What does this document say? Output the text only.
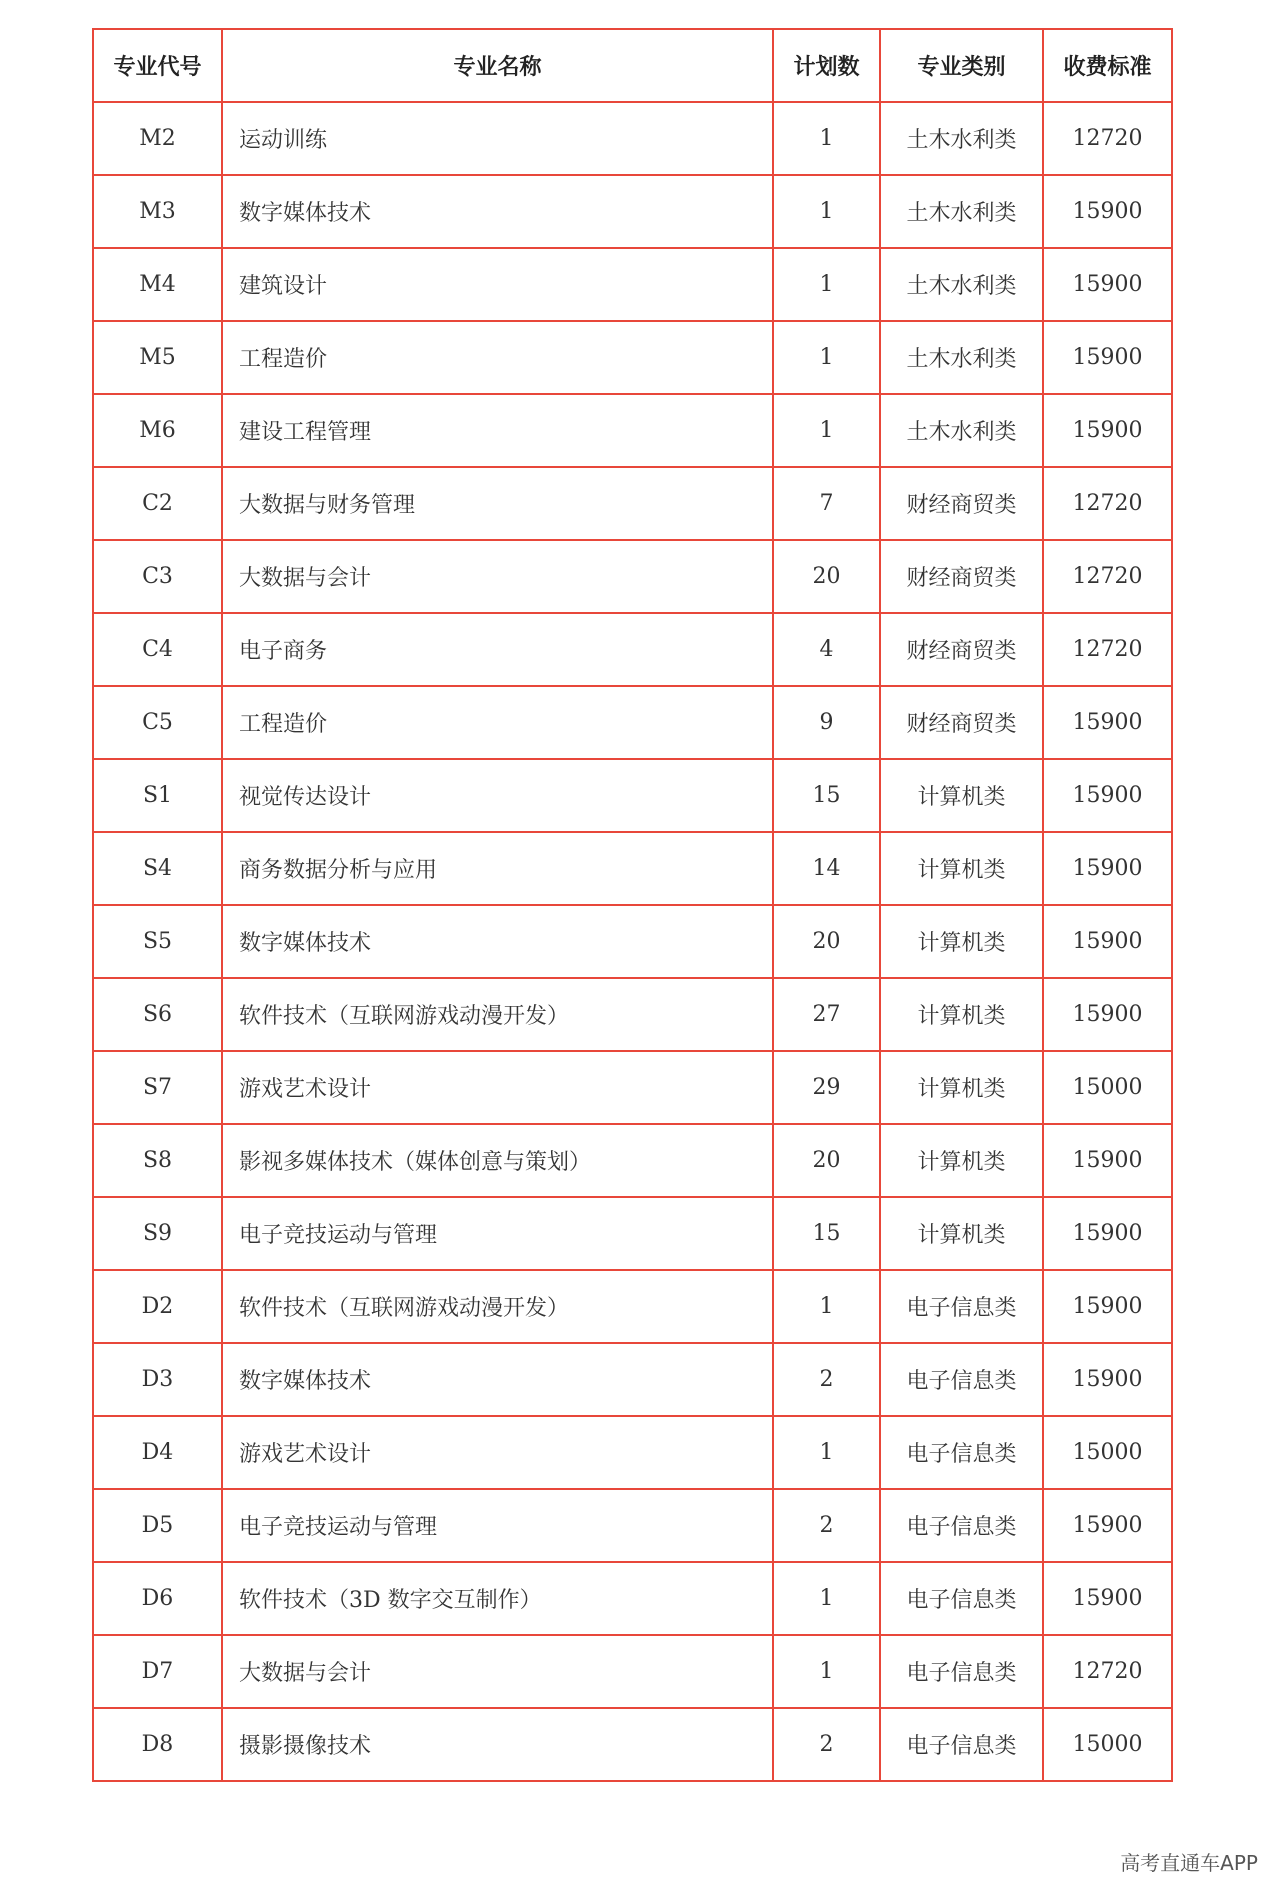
专业代号	专业名称	计划数	专业类别	收费标准
M2	运动训练	1	土木水利类	12720
M3	数字媒体技术	1	土木水利类	15900
M4	建筑设计	1	土木水利类	15900
M5	工程造价	1	土木水利类	15900
M6	建设工程管理	1	土木水利类	15900
C2	大数据与财务管理	7	财经商贸类	12720
C3	大数据与会计	20	财经商贸类	12720
C4	电子商务	4	财经商贸类	12720
C5	工程造价	9	财经商贸类	15900
S1	视觉传达设计	15	计算机类	15900
S4	商务数据分析与应用	14	计算机类	15900
S5	数字媒体技术	20	计算机类	15900
S6	软件技术（互联网游戏动漫开发）	27	计算机类	15900
S7	游戏艺术设计	29	计算机类	15000
S8	影视多媒体技术（媒体创意与策划）	20	计算机类	15900
S9	电子竞技运动与管理	15	计算机类	15900
D2	软件技术（互联网游戏动漫开发）	1	电子信息类	15900
D3	数字媒体技术	2	电子信息类	15900
D4	游戏艺术设计	1	电子信息类	15000
D5	电子竞技运动与管理	2	电子信息类	15900
D6	软件技术（3D 数字交互制作）	1	电子信息类	15900
D7	大数据与会计	1	电子信息类	12720
D8	摄影摄像技术	2	电子信息类	15000
高考直通车APP
